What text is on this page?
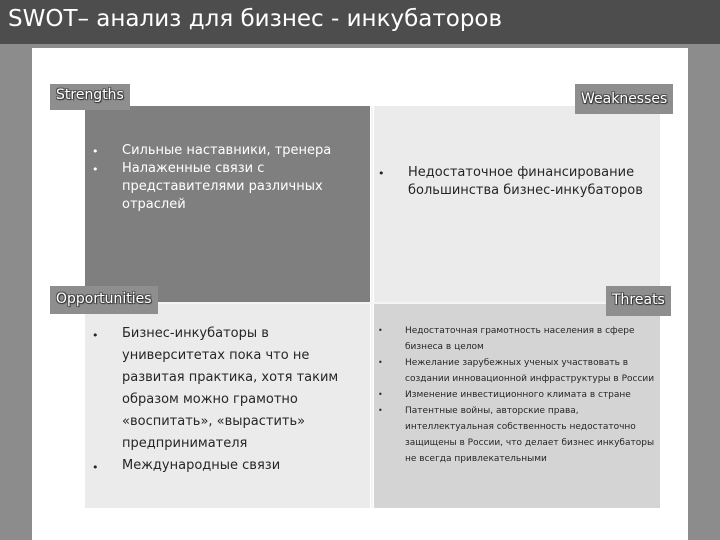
SWOT– анализ для бизнес - инкубаторов
Strengths	Weaknesses
Opportunities	Threats
• Сильные наставники, тренера
• Налаженные связи с представителями различных отраслей
• Недостаточное финансирование большинства бизнес-инкубаторов
• Бизнес-инкубаторы в университетах пока что не развитая практика, хотя таким образом можно грамотно «воспитать», «вырастить» предпринимателя
• Международные связи
• Недостаточная грамотность населения в сфере бизнеса в целом
• Нежелание зарубежных ученых участвовать в создании инновационной инфраструктуры в России
• Изменение инвестиционного климата в стране
• Патентные войны, авторские права, интеллектуальная собственность недостаточно защищены в России, что делает бизнес инкубаторы не всегда привлекательными
